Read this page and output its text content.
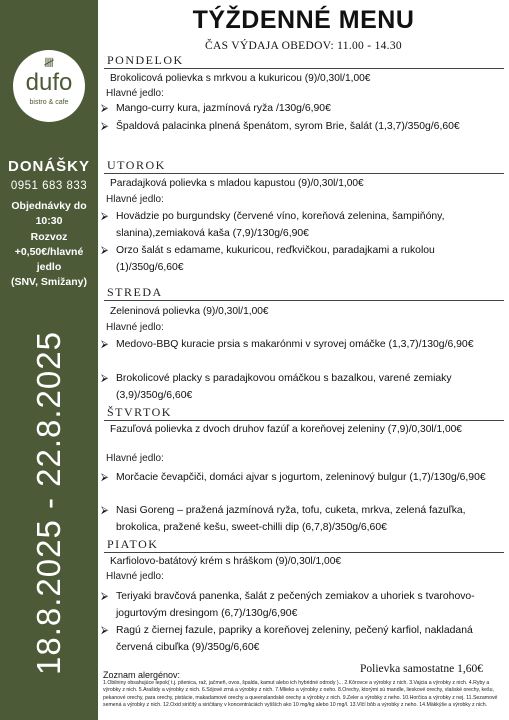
𝍸
dufo
bistro & cafe
DONÁŠKY
0951 683 833
Objednávky do
10:30
Rozvoz
+0,50€/hlavné
jedlo
(SNV, Smižany)
18.8.2025 - 22.8.2025
TÝŽDENNÉ MENU
ČAS VÝDAJA OBEDOV: 11.00 - 14.30
PONDELOK
Brokolicová polievka s mrkvou a kukuricou (9)/0,30l/1,00€
Hlavné jedlo:
⮚ Mango-curry kura, jazmínová ryža /130g/6,90€
⮚ Špaldová palacinka plnená špenátom, syrom Brie, šalát (1,3,7)/350g/6,60€
UTOROK
Paradajková polievka s mladou kapustou (9)/0,30l/1,00€
Hlavné jedlo:
⮚ Hovädzie po burgundsky (červené víno, koreňová zelenina, šampiňóny, slanina),zemiaková kaša (7,9)/130g/6,90€
⮚ Orzo šalát s edamame, kukuricou, reďkvičkou, paradajkami a rukolou (1)/350g/6,60€
STREDA
Zeleninová polievka (9)/0,30l/1,00€
Hlavné jedlo:
⮚ Medovo-BBQ kuracie prsia s makarónmi v syrovej omáčke (1,3,7)/130g/6,90€
⮚ Brokolicové placky s paradajkovou omáčkou s bazalkou, varené zemiaky (3,9)/350g/6,60€
ŠTVRTOK
Fazuľová polievka z dvoch druhov fazúľ a koreňovej zeleniny (7,9)/0,30l/1,00€
Hlavné jedlo:
⮚ Morčacie čevapčiči, domáci ajvar s jogurtom, zeleninový bulgur (1,7)/130g/6,90€
⮚ Nasi Goreng – pražená jazmínová ryža, tofu, cuketa, mrkva, zelená fazuľka, brokolica, pražené kešu, sweet-chilli dip (6,7,8)/350g/6,60€
PIATOK
Karfiolovo-batátový krém s hráškom (9)/0,30l/1,00€
Hlavné jedlo:
⮚ Teriyaki bravčová panenka, šalát z pečených zemiakov a uhoriek s tvarohovo-jogurtovým dresingom (6,7)/130g/6,90€
⮚ Ragú z čiernej fazule, papriky a koreňovej zeleniny, pečený karfiol, nakladaná červená cibuľka (9)/350g/6,60€
Polievka samostatne 1,60€
Zoznam alergénov:
1.Obilniny obsahujúce lepok( t.j. pšenica, raž, jačmeň, ovos, špalda, kamut alebo ich hybridné odrody )... 2.Kôrovce a výrobky z nich. 3.Vajcia a výrobky z nich. 4.Ryby a výrobky z nich. 5.Arašidy a výrobky z nich. 6.Sójové zrná a výrobky z nich. 7.Mlieko a výrobky z neho. 8.Orechy, ktorými sú mandle, lieskové orechy, vlašské orechy, kešu, pekanové orechy, para orechy, pistácie, makadamové orechy a queenslandské orechy a výrobky z nich. 9.Zeler a výrobky z neho. 10.Horčica a výrobky z nej. 11.Sezamové semená a výrobky z nich. 12.Oxid siričitý a siričitany v koncentráciách vyšších ako 10 mg/kg alebo 10 mg/l. 13.Vlčí bôb a výrobky z neho. 14.Mäkkýše a výrobky z nich.
